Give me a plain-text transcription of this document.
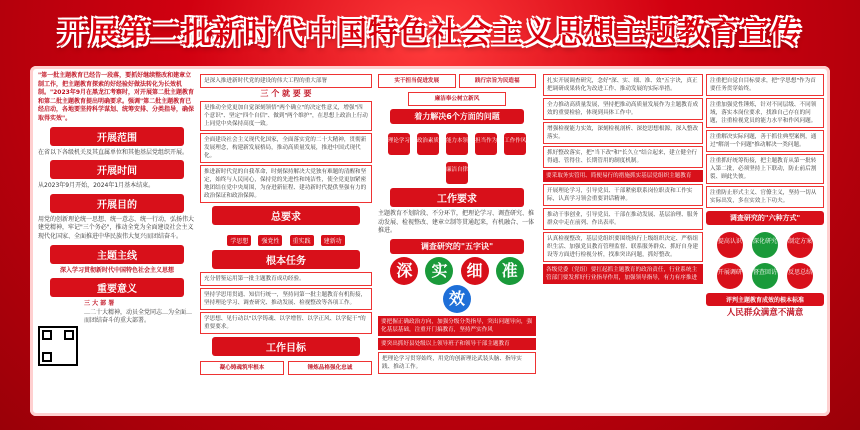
开展第二批新时代中国特色社会主义思想主题教育宣传
"第一批主题教育已经告一段落，要抓好继续整改和建章立制工作，把主题教育探索的好经验好做法转化为长效机制。"2023年9月在黑龙江考察时，对开展第二批主题教育和第二批主题教育提出明确要求。强调"第二批主题教育已经启动，各地要坚持科学谋划、统筹安排、分类指导，确保取得实效"。
开展范围
在省以下各级机关及其直属单位和其他基层党组织开展。
开展时间
从2023年9月开始，2024年1月基本结束。
开展目的
用党的创新理论统一思想、统一意志、统一行动，弘扬伟大建党精神，牢记"三个务必"，推动全党为全面建设社会主义现代化国家、全面推进中华民族伟大复兴而团结奋斗。
主题主线
深入学习贯彻新时代中国特色社会主义思想
重要意义
三 大 部 署
…二十大精神，动员全党同志…为全面…而团结奋斗的重大部署。
是深入推进新时代党的建设的伟大工程的重大部署
三 个 就 要 要
是推动全党更加自觉深刻领悟"两个确立"的决定性意义，增强"四个意识"、坚定"四个自信"、做到"两个维护"，在思想上政治上行动上同党中央保持高度一致。
全面建设社会主义现代化国家，全面落实党的二十大精神，贯彻新发展理念，构建新发展格局，推动高质量发展，推进中国式现代化。
推进新时代党的自我革命，时刻保持解决大党独有难题的清醒和坚定，始终与人民同心，保持党的先进性和纯洁性，使全党更加紧密地团结在党中央周围，为奋进新征程、建功新时代提供坚强有力的政治保证和政治保障。
总要求
学思想 强党性 重实践 建新功
根本任务
充分借鉴运用第一批主题教育成功经验。
坚持学思用贯通、知信行统一，坚持同第一批主题教育有机衔接，坚持理论学习、调查研究、推动发展、检视整改等各项工作。
学思想、见行动以"以学铸魂、以学增智、以学正风、以学促干"的重要要求。
工作目标
凝心铸魂筑牢根本	锤炼品格强化忠诚
实干担当促进发展	践行宗旨为民造福
廉洁奉公树立新风
着力解决6个方面的问题
理论学习 政治素质 能力本领 担当作为 工作作风 廉洁自律
工作要求
主题教育不划阶段、不分环节，把理论学习、调查研究、推动发展、检视整改、建章立制等贯通起来，有机融合、一体推进。
调查研究的"五字诀"
深 实 细 准 效
要把握正确政治方向，加强分级分类指导，突出问题导向，强化基层基础，注重开门搞教育，坚持严实作风
要突出抓好县处级以上领导班子和领导干部主题教育
把理论学习贯穿始终，用党的创新理论武装头脑、指导实践、推动工作。
扎实开展调查研究，念好"深、实、细、准、效"五字诀，真正把调研成果转化为改进工作、推动发展的实际举措。
全力推动高质量发展，坚持把推动高质量发展作为主题教育成效的重要检验，体现到具体工作中。
增强检视能力实效，深刻检视剖析、深挖思想根源，深入整改落实。
抓好整改落实，把"当下改"和"长久立"结合起来，建立健全行得通、管得住、长期管用的制度机制。
要采取务实管用、简便易行的措施抓实基层党组织主题教育
开展理论学习，引导党员、干部紧密联系岗位职责和工作实际，认真学习领会重要讲话精神。
推动干事创业，引导党员、干部在推动发展、基层治理、服务群众中走在前列、作出表率。
认真检视整改，基层党组织要围绕执行上级组织决定、严格组织生活、加强党员教育管理监督、联系服务群众、抓好自身建设等方面进行检视分析，找准突出问题，抓好整改。
各级党委（党组）要扛起抓主题教育的政治责任，行业系统主管部门要发挥好行业指导作用，加强领导指导，有力有序推进
注重把自觉自目标要求，把"学思想"作为首要任务贯穿始终。
注重加强党性锤炼，针对不同层级、不同领域，落实本岗位要求，找准自己存在的问题，注重检视党员的能力水平和作风问题。
注重解决实际问题，善于抓住典型案例，通过"解剖一个问题"推动解决一类问题。
注重抓好统筹衔接，把主题教育从第一批转入第二批，必须坚持上下联动，防止前后割裂、顾此失彼。
注重防止形式主义、官僚主义，坚持一切从实际出发，多在实效上下功夫。
调查研究的"六种方式"
提高认识 深化研究 制定方案 开展调研 督查回访 反思总结
评判主题教育成效的根本标准
人民群众满意不满意
